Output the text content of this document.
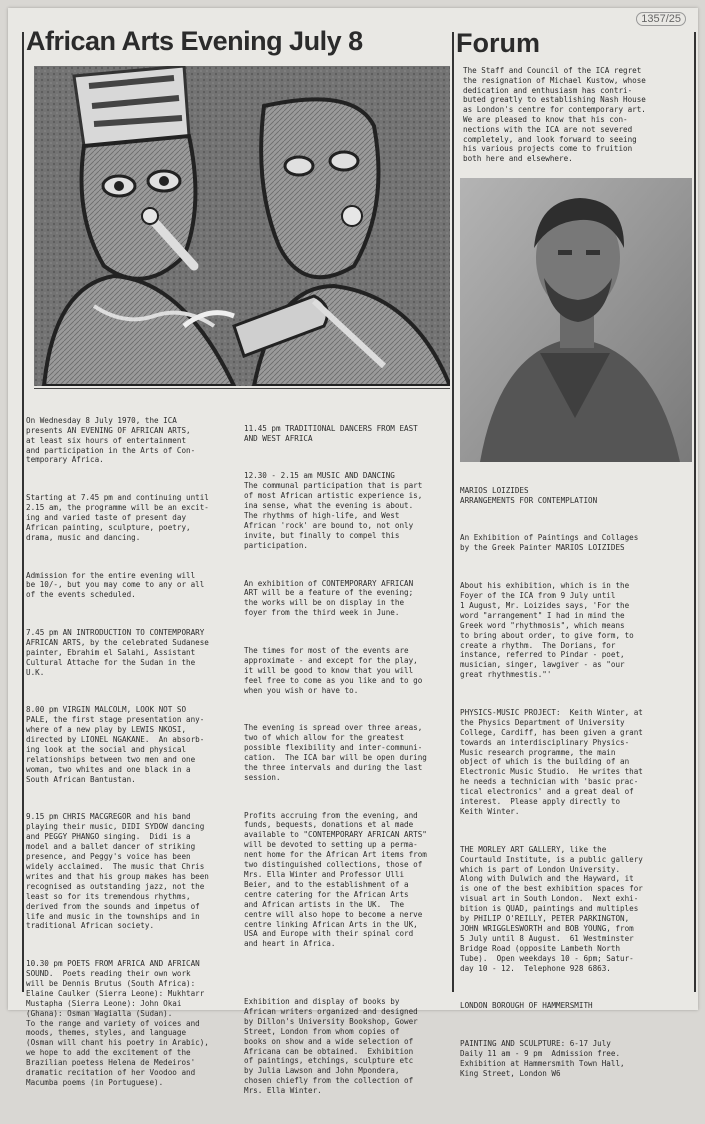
1357/25
African Arts Evening July 8	Forum
The Staff and Council of the ICA regret
the resignation of Michael Kustow, whose
dedication and enthusiasm has contri-
buted greatly to establishing Nash House
as London's centre for contemporary art.
We are pleased to know that his con-
nections with the ICA are not severed
completely, and look forward to seeing
his various projects come to fruition
both here and elsewhere.

On Wednesday 8 July 1970, the ICA
presents AN EVENING OF AFRICAN ARTS,
at least six hours of entertainment
and participation in the Arts of Con-
temporary Africa.

Starting at 7.45 pm and continuing until
2.15 am, the programme will be an excit-
ing and varied taste of present day
African painting, sculpture, poetry,
drama, music and dancing.

Admission for the entire evening will
be 10/-, but you may come to any or all
of the events scheduled.

7.45 pm AN INTRODUCTION TO CONTEMPORARY
AFRICAN ARTS, by the celebrated Sudanese
painter, Ebrahim el Salahi, Assistant
Cultural Attache for the Sudan in the
U.K.

8.00 pm VIRGIN MALCOLM, LOOK NOT SO
PALE, the first stage presentation any-
where of a new play by LEWIS NKOSI,
directed by LIONEL NGAKANE.  An absorb-
ing look at the social and physical
relationships between two men and one
woman, two whites and one black in a
South African Bantustan.

9.15 pm CHRIS MACGREGOR and his band
playing their music, DIDI SYDOW dancing
and PEGGY PHANGO singing.  Didi is a
model and a ballet dancer of striking
presence, and Peggy's voice has been
widely acclaimed.  The music that Chris
writes and that his group makes has been
recognised as outstanding jazz, not the
least so for its tremendous rhythms,
derived from the sounds and impetus of
life and music in the townships and in
traditional African society.

10.30 pm POETS FROM AFRICA AND AFRICAN
SOUND.  Poets reading their own work
will be Dennis Brutus (South Africa):
Elaine Caulker (Sierra Leone): Mukhtarr
Mustapha (Sierra Leone): John Okai
(Ghana): Osman Wagialla (Sudan).
To the range and variety of voices and
moods, themes, styles, and language
(Osman will chant his poetry in Arabic),
we hope to add the excitement of the
Brazilian poetess Helena de Medeiros'
dramatic recitation of her Voodoo and
Macumba poems (in Portuguese).

11.45 pm TRADITIONAL DANCERS FROM EAST
AND WEST AFRICA

12.30 - 2.15 am MUSIC AND DANCING
The communal participation that is part
of most African artistic experience is,
ina sense, what the evening is about.
The rhythms of high-life, and West
African 'rock' are bound to, not only
invite, but finally to compel this
participation.

An exhibition of CONTEMPORARY AFRICAN
ART will be a feature of the evening;
the works will be on display in the
foyer from the third week in June.

The times for most of the events are
approximate - and except for the play,
it will be good to know that you will
feel free to come as you like and to go
when you wish or have to.

The evening is spread over three areas,
two of which allow for the greatest
possible flexibility and inter-communi-
cation.  The ICA bar will be open during
the three intervals and during the last
session.

Profits accruing from the evening, and
funds, bequests, donations et al made
available to "CONTEMPORARY AFRICAN ARTS"
will be devoted to setting up a perma-
nent home for the African Art items from
two distinguished collections, those of
Mrs. Ella Winter and Professor Ulli
Beier, and to the establishment of a
centre catering for the African Arts
and African artists in the UK.  The
centre will also hope to become a nerve
centre linking African Arts in the UK,
USA and Europe with their spinal cord
and heart in Africa.

Exhibition and display of books by
African writers organized and designed
by Dillon's University Bookshop, Gower
Street, London from whom copies of
books on show and a wide selection of
Africana can be obtained.  Exhibition
of paintings, etchings, sculpture etc
by Julia Lawson and John Mpondera,
chosen chiefly from the collection of
Mrs. Ella Winter.

MARIOS LOIZIDES
ARRANGEMENTS FOR CONTEMPLATION

An Exhibition of Paintings and Collages
by the Greek Painter MARIOS LOIZIDES

About his exhibition, which is in the
Foyer of the ICA from 9 July until
1 August, Mr. Loizides says, 'For the
word "arrangement" I had in mind the
Greek word "rhythmosis", which means
to bring about order, to give form, to
create a rhythm.  The Dorians, for
instance, referred to Pindar - poet,
musician, singer, lawgiver - as "our
great rhythmestis."'

PHYSICS-MUSIC PROJECT:  Keith Winter, at
the Physics Department of University
College, Cardiff, has been given a grant
towards an interdisciplinary Physics-
Music research programme, the main
object of which is the building of an
Electronic Music Studio.  He writes that
he needs a technician with 'basic prac-
tical electronics' and a great deal of
interest.  Please apply directly to
Keith Winter.

THE MORLEY ART GALLERY, like the
Courtauld Institute, is a public gallery
which is part of London University.
Along with Dulwich and the Hayward, it
is one of the best exhibition spaces for
visual art in South London.  Next exhi-
bition is QUAD, paintings and multiples
by PHILIP O'REILLY, PETER PARKINGTON,
JOHN WRIGGLESWORTH and BOB YOUNG, from
5 July until 8 August.  61 Westminster
Bridge Road (opposite Lambeth North
Tube).  Open weekdays 10 - 6pm; Satur-
day 10 - 12.  Telephone 928 6863.

LONDON BOROUGH OF HAMMERSMITH

PAINTING AND SCULPTURE: 6-17 July
Daily 11 am - 9 pm  Admission free.
Exhibition at Hammersmith Town Hall,
King Street, London W6
